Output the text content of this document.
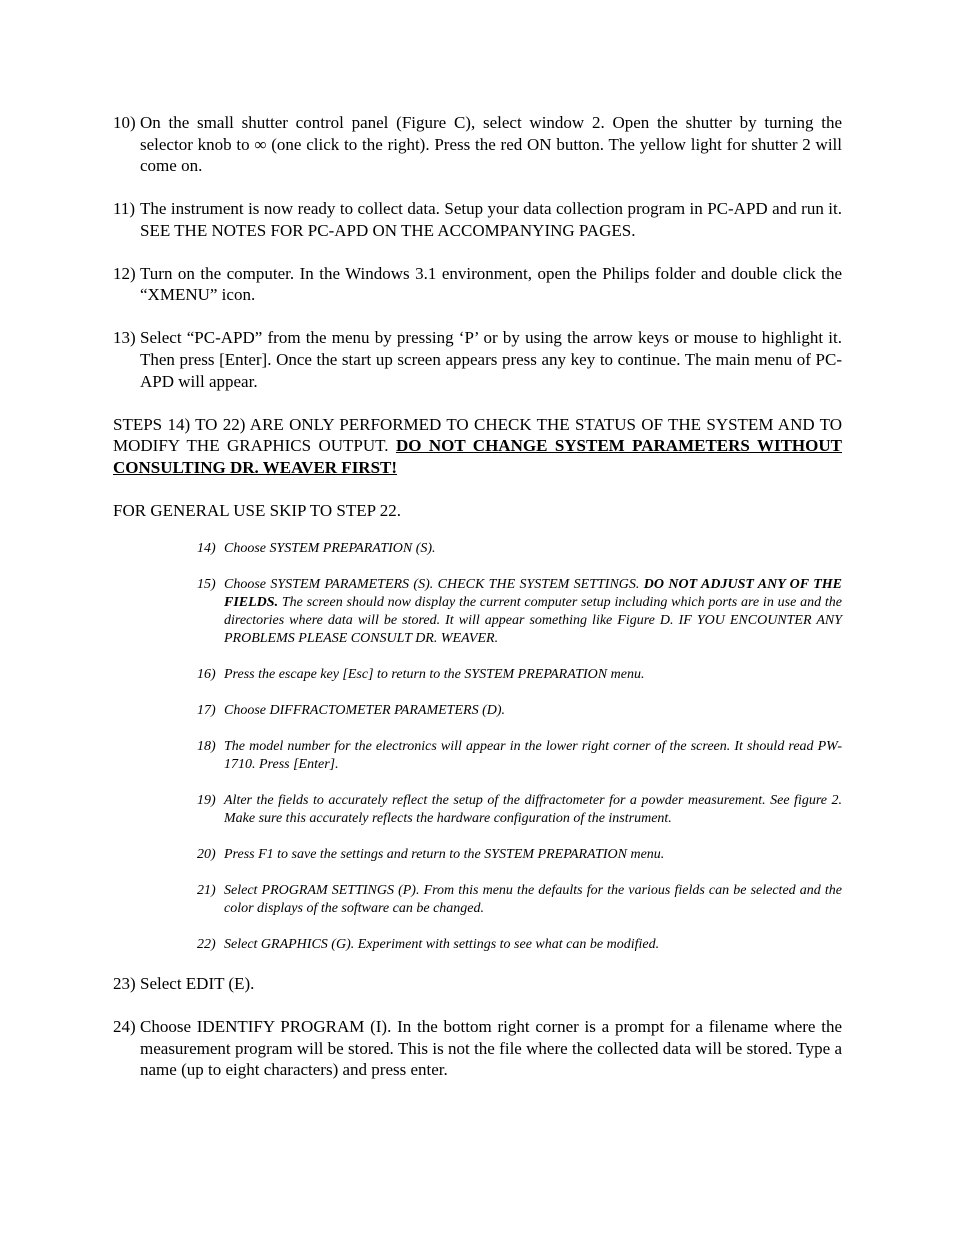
10) On the small shutter control panel (Figure C), select window 2. Open the shutter by turning the selector knob to ∞ (one click to the right). Press the red ON button. The yellow light for shutter 2 will come on.
11) The instrument is now ready to collect data. Setup your data collection program in PC-APD and run it. SEE THE NOTES FOR PC-APD ON THE ACCOMPANYING PAGES.
12) Turn on the computer. In the Windows 3.1 environment, open the Philips folder and double click the “XMENU” icon.
13) Select “PC-APD” from the menu by pressing ‘P’ or by using the arrow keys or mouse to highlight it. Then press [Enter]. Once the start up screen appears press any key to continue. The main menu of PC-APD will appear.
STEPS 14) TO 22) ARE ONLY PERFORMED TO CHECK THE STATUS OF THE SYSTEM AND TO MODIFY THE GRAPHICS OUTPUT. DO NOT CHANGE SYSTEM PARAMETERS WITHOUT CONSULTING DR. WEAVER FIRST!
FOR GENERAL USE SKIP TO STEP 22.
14) Choose SYSTEM PREPARATION (S).
15) Choose SYSTEM PARAMETERS (S). CHECK THE SYSTEM SETTINGS. DO NOT ADJUST ANY OF THE FIELDS. The screen should now display the current computer setup including which ports are in use and the directories where data will be stored. It will appear something like Figure D. IF YOU ENCOUNTER ANY PROBLEMS PLEASE CONSULT DR. WEAVER.
16) Press the escape key [Esc] to return to the SYSTEM PREPARATION menu.
17) Choose DIFFRACTOMETER PARAMETERS (D).
18) The model number for the electronics will appear in the lower right corner of the screen. It should read PW-1710. Press [Enter].
19) Alter the fields to accurately reflect the setup of the diffractometer for a powder measurement. See figure 2. Make sure this accurately reflects the hardware configuration of the instrument.
20) Press F1 to save the settings and return to the SYSTEM PREPARATION menu.
21) Select PROGRAM SETTINGS (P). From this menu the defaults for the various fields can be selected and the color displays of the software can be changed.
22) Select GRAPHICS (G). Experiment with settings to see what can be modified.
23) Select EDIT (E).
24) Choose IDENTIFY PROGRAM (I). In the bottom right corner is a prompt for a filename where the measurement program will be stored. This is not the file where the collected data will be stored. Type a name (up to eight characters) and press enter.
